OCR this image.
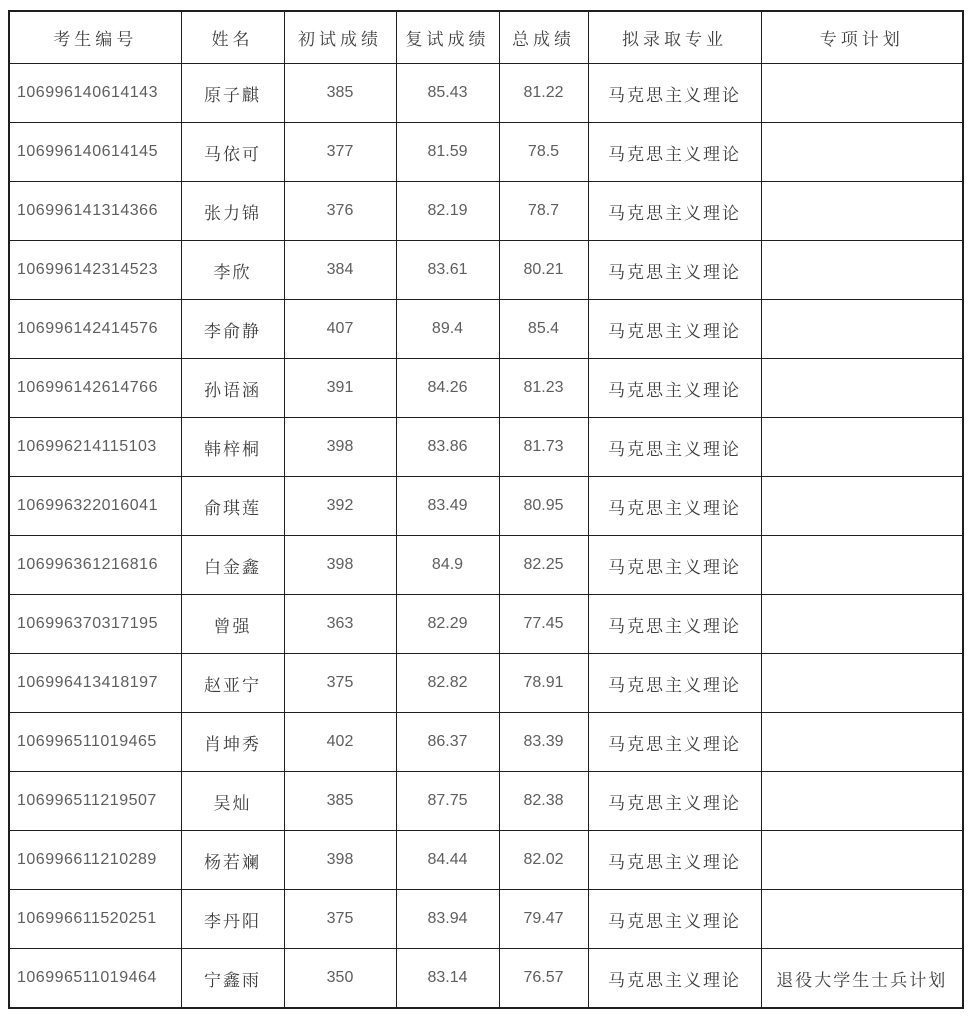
考生编号	姓名	初试成绩	复试成绩	总成绩	拟录取专业	专项计划
106996140614143	原子麒	385	85.43	81.22	马克思主义理论	
106996140614145	马依可	377	81.59	78.5	马克思主义理论	
106996141314366	张力锦	376	82.19	78.7	马克思主义理论	
106996142314523	李欣	384	83.61	80.21	马克思主义理论	
106996142414576	李俞静	407	89.4	85.4	马克思主义理论	
106996142614766	孙语涵	391	84.26	81.23	马克思主义理论	
106996214115103	韩梓桐	398	83.86	81.73	马克思主义理论	
106996322016041	俞琪莲	392	83.49	80.95	马克思主义理论	
106996361216816	白金鑫	398	84.9	82.25	马克思主义理论	
106996370317195	曾强	363	82.29	77.45	马克思主义理论	
106996413418197	赵亚宁	375	82.82	78.91	马克思主义理论	
106996511019465	肖坤秀	402	86.37	83.39	马克思主义理论	
106996511219507	吴灿	385	87.75	82.38	马克思主义理论	
106996611210289	杨若斓	398	84.44	82.02	马克思主义理论	
106996611520251	李丹阳	375	83.94	79.47	马克思主义理论	
106996511019464	宁鑫雨	350	83.14	76.57	马克思主义理论	退役大学生士兵计划
